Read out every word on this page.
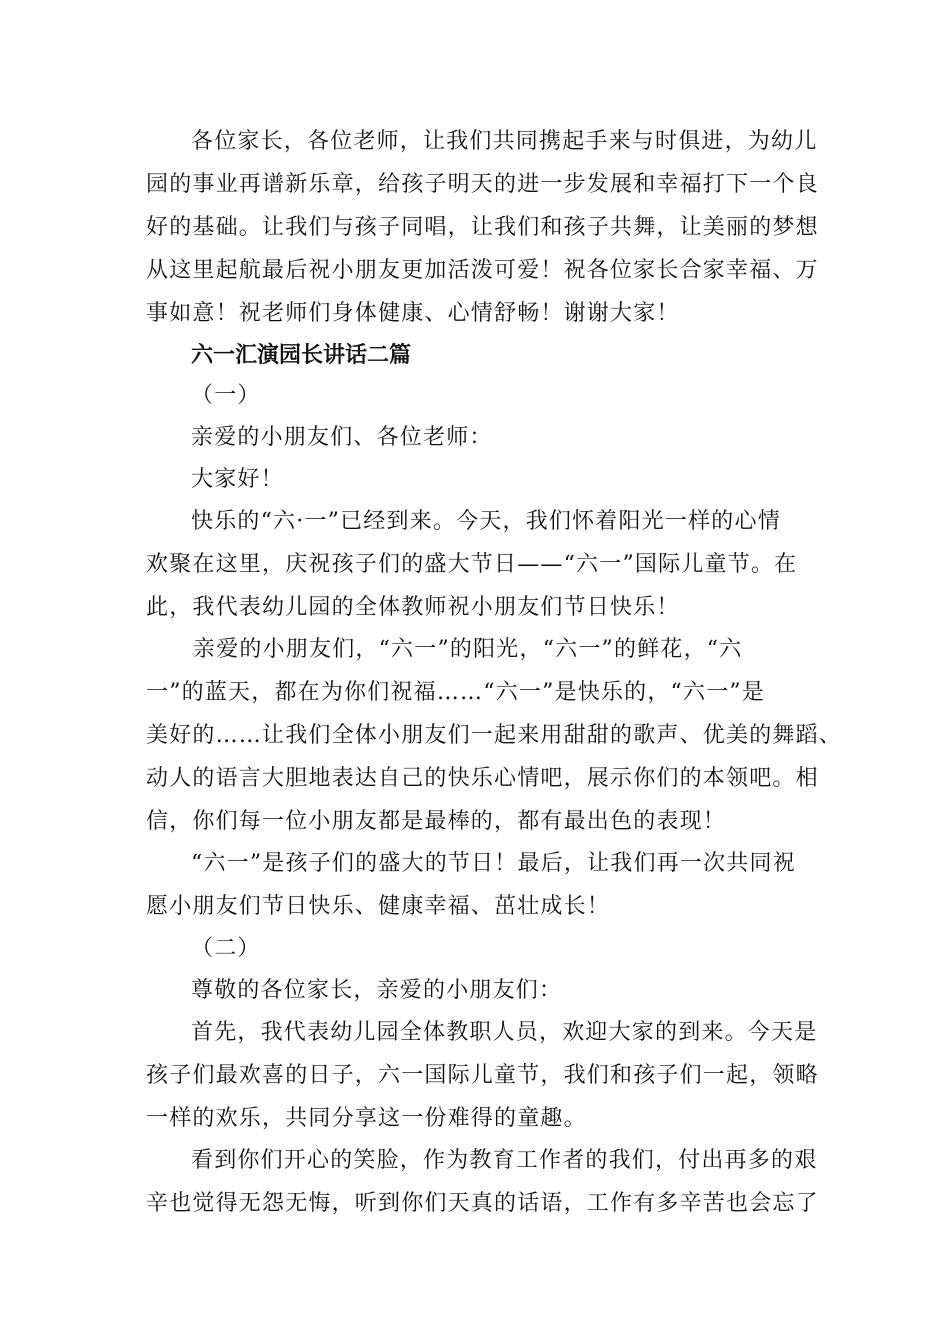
各位家长，各位老师，让我们共同携起手来与时俱进，为幼儿
园的事业再谱新乐章，给孩子明天的进一步发展和幸福打下一个良
好的基础。让我们与孩子同唱，让我们和孩子共舞，让美丽的梦想
从这里起航最后祝小朋友更加活泼可爱！祝各位家长合家幸福、万
事如意！祝老师们身体健康、心情舒畅！谢谢大家！
六一汇演园长讲话二篇
（一）
亲爱的小朋友们、各位老师：
大家好！
快乐的“六·一”已经到来。今天，我们怀着阳光一样的心情
欢聚在这里，庆祝孩子们的盛大节日——“六一”国际儿童节。在
此，我代表幼儿园的全体教师祝小朋友们节日快乐！
亲爱的小朋友们，“六一”的阳光，“六一”的鲜花，“六
一”的蓝天，都在为你们祝福……“六一”是快乐的，“六一”是
美好的……让我们全体小朋友们一起来用甜甜的歌声、优美的舞蹈、
动人的语言大胆地表达自己的快乐心情吧，展示你们的本领吧。相
信，你们每一位小朋友都是最棒的，都有最出色的表现！
“六一”是孩子们的盛大的节日！最后，让我们再一次共同祝
愿小朋友们节日快乐、健康幸福、茁壮成长！
（二）
尊敬的各位家长，亲爱的小朋友们：
首先，我代表幼儿园全体教职人员，欢迎大家的到来。今天是
孩子们最欢喜的日子，六一国际儿童节，我们和孩子们一起，领略
一样的欢乐，共同分享这一份难得的童趣。
看到你们开心的笑脸，作为教育工作者的我们，付出再多的艰
辛也觉得无怨无悔，听到你们天真的话语，工作有多辛苦也会忘了
